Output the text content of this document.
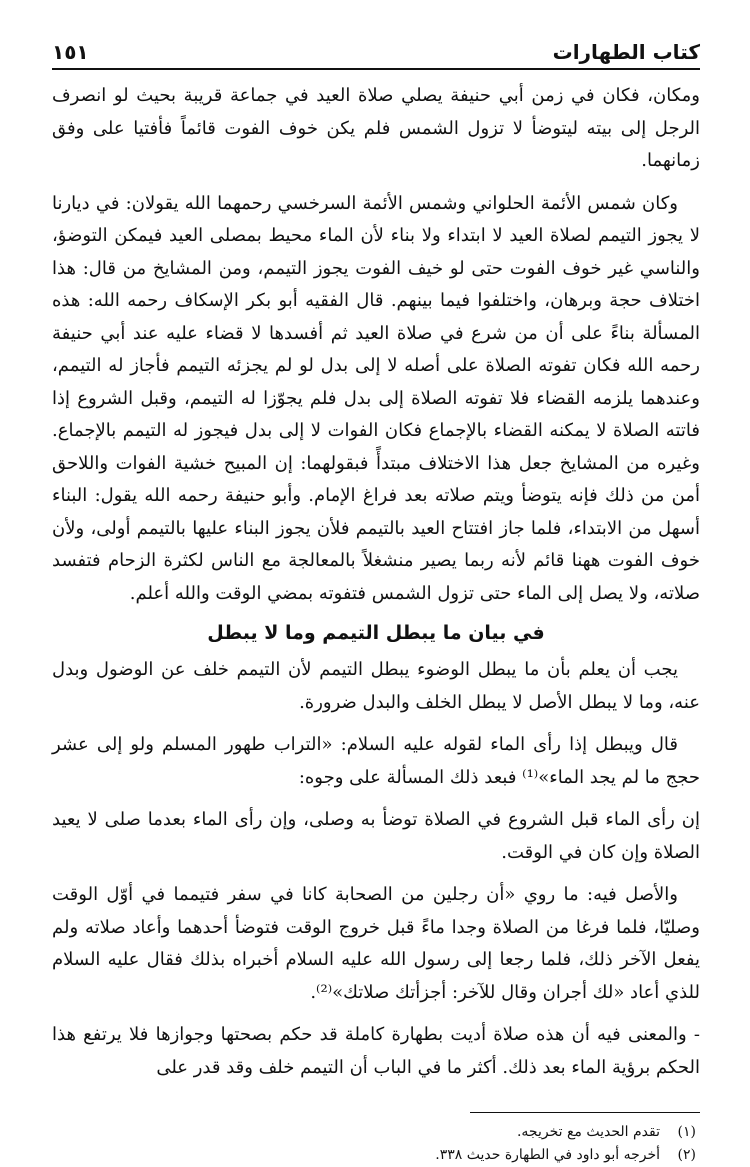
كتاب الطهارات
١٥١

ومكان، فكان في زمن أبي حنيفة يصلي صلاة العيد في جماعة قريبة بحيث لو انصرف الرجل إلى بيته ليتوضأ لا تزول الشمس فلم يكن خوف الفوت قائماً فأفتيا على وفق زمانهما.

وكان شمس الأئمة الحلواني وشمس الأئمة السرخسي رحمهما الله يقولان: في ديارنا لا يجوز التيمم لصلاة العيد لا ابتداء ولا بناء لأن الماء محيط بمصلى العيد فيمكن التوضؤ، والناسي غير خوف الفوت حتى لو خيف الفوت يجوز التيمم، ومن المشايخ من قال: هذا اختلاف حجة وبرهان، واختلفوا فيما بينهم. قال الفقيه أبو بكر الإسكاف رحمه الله: هذه المسألة بناءً على أن من شرع في صلاة العيد ثم أفسدها لا قضاء عليه عند أبي حنيفة رحمه الله فكان تفوته الصلاة على أصله لا إلى بدل لو لم يجزئه التيمم فأجاز له التيمم، وعندهما يلزمه القضاء فلا تفوته الصلاة إلى بدل فلم يجوّزا له التيمم، وقبل الشروع إذا فاتته الصلاة لا يمكنه القضاء بالإجماع فكان الفوات لا إلى بدل فيجوز له التيمم بالإجماع. وغيره من المشايخ جعل هذا الاختلاف مبتدأً فبقولهما: إن المبيح خشية الفوات واللاحق أمن من ذلك فإنه يتوضأ ويتم صلاته بعد فراغ الإمام. وأبو حنيفة رحمه الله يقول: البناء أسهل من الابتداء، فلما جاز افتتاح العيد بالتيمم فلأن يجوز البناء عليها بالتيمم أولى، ولأن خوف الفوت ههنا قائم لأنه ربما يصير منشغلاً بالمعالجة مع الناس لكثرة الزحام فتفسد صلاته، ولا يصل إلى الماء حتى تزول الشمس فتفوته بمضي الوقت والله أعلم.

في بيان ما يبطل التيمم وما لا يبطل

يجب أن يعلم بأن ما يبطل الوضوء يبطل التيمم لأن التيمم خلف عن الوضول وبدل عنه، وما لا يبطل الأصل لا يبطل الخلف والبدل ضرورة.

قال ويبطل إذا رأى الماء لقوله عليه السلام: «التراب طهور المسلم ولو إلى عشر حجج ما لم يجد الماء»⁽¹⁾ فبعد ذلك المسألة على وجوه:

إن رأى الماء قبل الشروع في الصلاة توضأ به وصلى، وإن رأى الماء بعدما صلى لا يعيد الصلاة وإن كان في الوقت.

والأصل فيه: ما روي «أن رجلين من الصحابة كانا في سفر فتيمما في أوّل الوقت وصليّا، فلما فرغا من الصلاة وجدا ماءً قبل خروج الوقت فتوضأ أحدهما وأعاد صلاته ولم يفعل الآخر ذلك، فلما رجعا إلى رسول الله عليه السلام أخبراه بذلك فقال عليه السلام للذي أعاد «لك أجران وقال للآخر: أجزأتك صلاتك»⁽²⁾.

- والمعنى فيه أن هذه صلاة أديت بطهارة كاملة قد حكم بصحتها وجوازها فلا يرتفع هذا الحكم برؤية الماء بعد ذلك. أكثر ما في الباب أن التيمم خلف وقد قدر على

(١)
تقدم الحديث مع تخريجه.
(٢)
أخرجه أبو داود في الطهارة حديث ٣٣٨.
